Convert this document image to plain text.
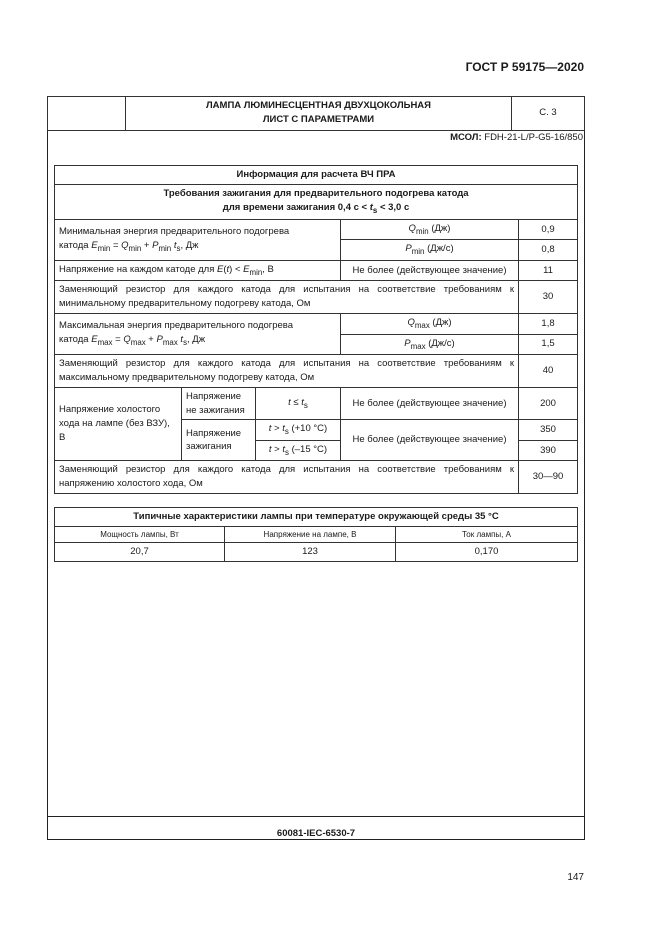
ГОСТ Р 59175—2020

ЛАМПА ЛЮМИНЕСЦЕНТНАЯ ДВУХЦОКОЛЬНАЯ
ЛИСТ С ПАРАМЕТРАМИ
	С. 3
МСОЛ: FDH-21-L/P-G5-16/850
Информация для расчета ВЧ ПРА				

Требования зажигания для предварительного подогрева катода
для времени зажигания 0,4 $с < t_s < 3,0$ с				

Минимальная энергия предварительного подогрева
катода $E_{min} = Q_{min} + P_{min}$ $t_s$, Дж			$Q_{min}$ (Дж)	0,9
			$P_{min}$ (Дж/с)	0,8
Напряжение на каждом катоде для $E(t) < E_{min}$, В			Не более (действующее значение)	11
Заменяющий резистор для каждого катода для испытания на соответствие требованиям к минимальному предварительному подогреву катода, Ом				30

Максимальная энергия предварительного подогрева
катода $E_{max} = Q_{max} + P_{max}$ $t_s$, Дж			$Q_{max}$ (Дж)	1,8
			$P_{max}$ (Дж/с)	1,5
Заменяющий резистор для каждого катода для испытания на соответствие требованиям к максимальному предварительному подогреву катода, Ом				40
Напряжение холостого хода на лампе (без ВЗУ), В	Напряжение не зажигания	$t \le t_s$	Не более (действующее значение)	200
	Напряжение зажигания	$t > t_s$ (+10 °С)	Не более (действующее значение)	350
		$t > t_s$ (–15 °С)		390
Заменяющий резистор для каждого катода для испытания на соответствие требованиям к напряжению холостого хода, Ом				30—90
Типичные характеристики лампы при температуре окружающей среды 35 °С		
Мощность лампы, Вт	Напряжение на лампе, В	Ток лампы, А
20,7	123	0,170
60081-IEC-6530-7
147
